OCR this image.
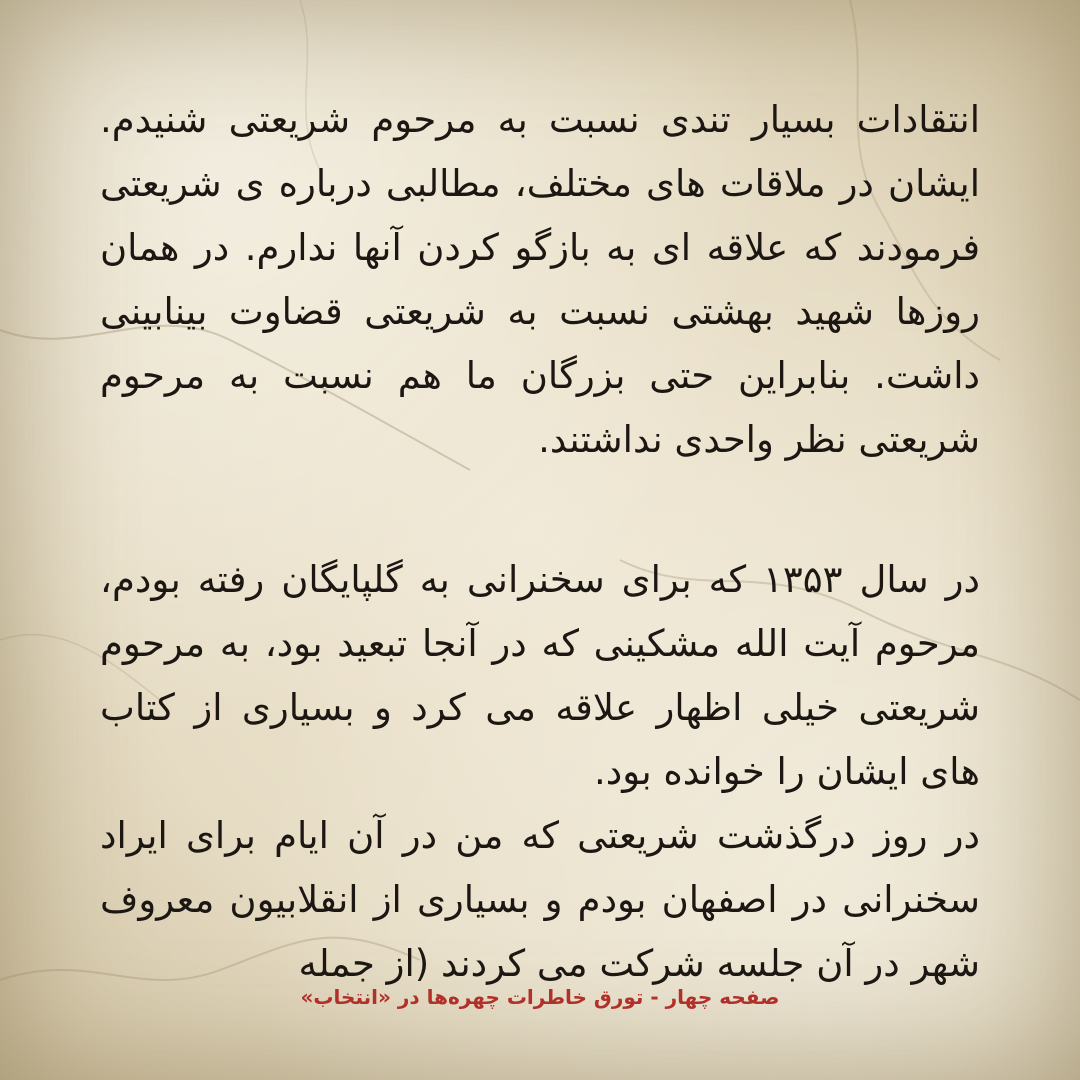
انتقادات بسیار تندی نسبت به مرحوم شریعتی شنیدم. ایشان در ملاقات های مختلف، مطالبی درباره ی شریعتی فرمودند که علاقه ای به بازگو کردن آنها ندارم. در همان روزها شهید بهشتی نسبت به شریعتی قضاوت بینابینی داشت. بنابراین حتی بزرگان ما هم نسبت به مرحوم شریعتی نظر واحدی نداشتند.

در سال ۱۳۵۳ که برای سخنرانی به گلپایگان رفته بودم، مرحوم آیت الله مشکینی که در آنجا تبعید بود، به مرحوم شریعتی خیلی اظهار علاقه می کرد و بسیاری از کتاب های ایشان را خوانده بود.

در روز درگذشت شریعتی که من در آن ایام برای ایراد سخنرانی در اصفهان بودم و بسیاری از انقلابیون معروف شهر در آن جلسه شرکت می کردند (از جمله

صفحه چهار - تورق خاطرات چهره‌ها در «انتخاب»
